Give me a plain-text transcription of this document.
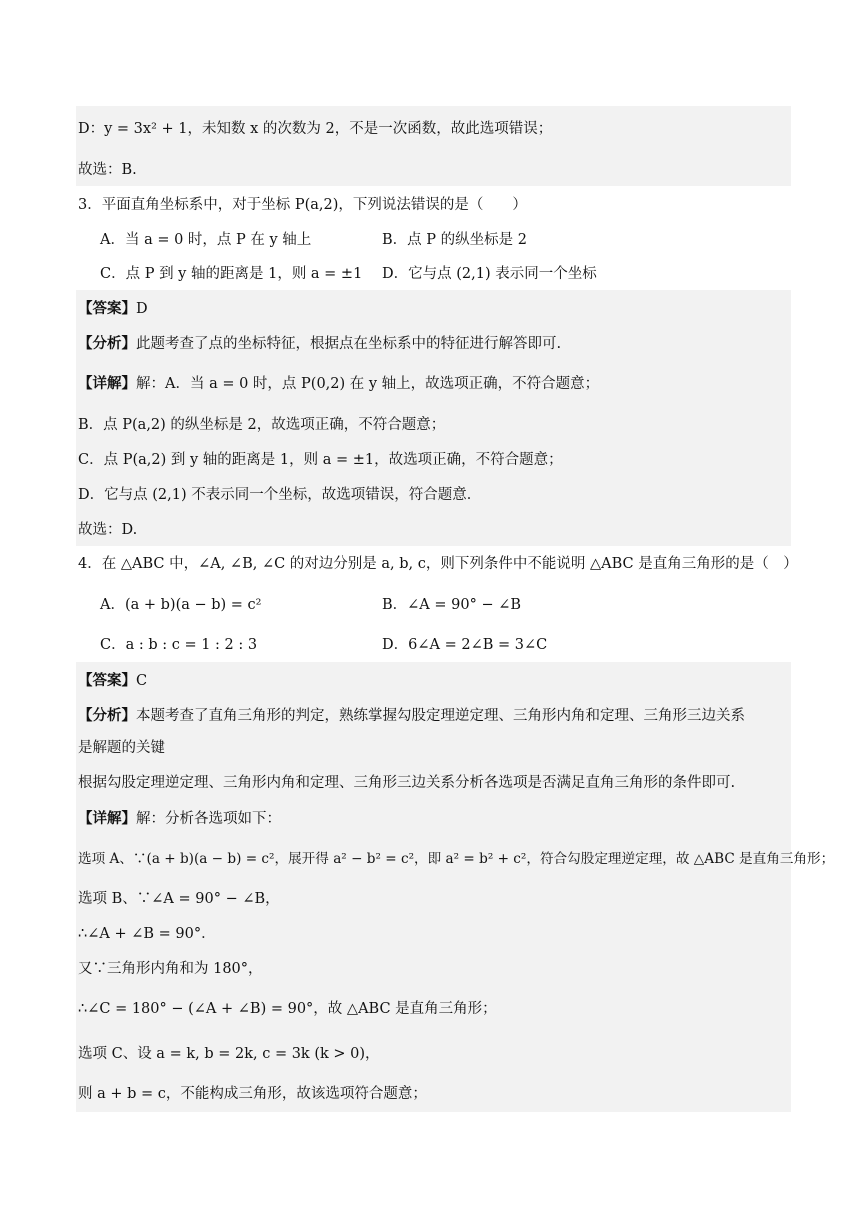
D：y = 3x² + 1，未知数 x 的次数为 2，不是一次函数，故此选项错误；
故选：B.
3．平面直角坐标系中，对于坐标 P(a,2)，下列说法错误的是（　　）
A．当 a = 0 时，点 P 在 y 轴上	B．点 P 的纵坐标是 2
C．点 P 到 y 轴的距离是 1，则 a = ±1 D．它与点 (2,1) 表示同一个坐标
【答案】D
【分析】此题考查了点的坐标特征，根据点在坐标系中的特征进行解答即可.
【详解】解：A．当 a = 0 时，点 P(0,2) 在 y 轴上，故选项正确，不符合题意；
B．点 P(a,2) 的纵坐标是 2，故选项正确，不符合题意；
C．点 P(a,2) 到 y 轴的距离是 1，则 a = ±1，故选项正确，不符合题意；
D．它与点 (2,1) 不表示同一个坐标，故选项错误，符合题意．
故选：D.
4．在 △ABC 中，∠A, ∠B, ∠C 的对边分别是 a, b, c，则下列条件中不能说明 △ABC 是直角三角形的是（　）
A．(a + b)(a − b) = c²	B．∠A = 90° − ∠B
C．a : b : c = 1 : 2 : 3	D．6∠A = 2∠B = 3∠C
【答案】C
【分析】本题考查了直角三角形的判定，熟练掌握勾股定理逆定理、三角形内角和定理、三角形三边关系
是解题的关键
根据勾股定理逆定理、三角形内角和定理、三角形三边关系分析各选项是否满足直角三角形的条件即可.
【详解】解：分析各选项如下：
选项 A、∵(a + b)(a − b) = c²，展开得 a² − b² = c²，即 a² = b² + c²，符合勾股定理逆定理，故 △ABC 是直角三角形；
选项 B、∵∠A = 90° − ∠B，
∴∠A + ∠B = 90°．
又∵三角形内角和为 180°，
∴∠C = 180° − (∠A + ∠B) = 90°，故 △ABC 是直角三角形；
选项 C、设 a = k, b = 2k, c = 3k (k > 0)，
则 a + b = c，不能构成三角形，故该选项符合题意；
